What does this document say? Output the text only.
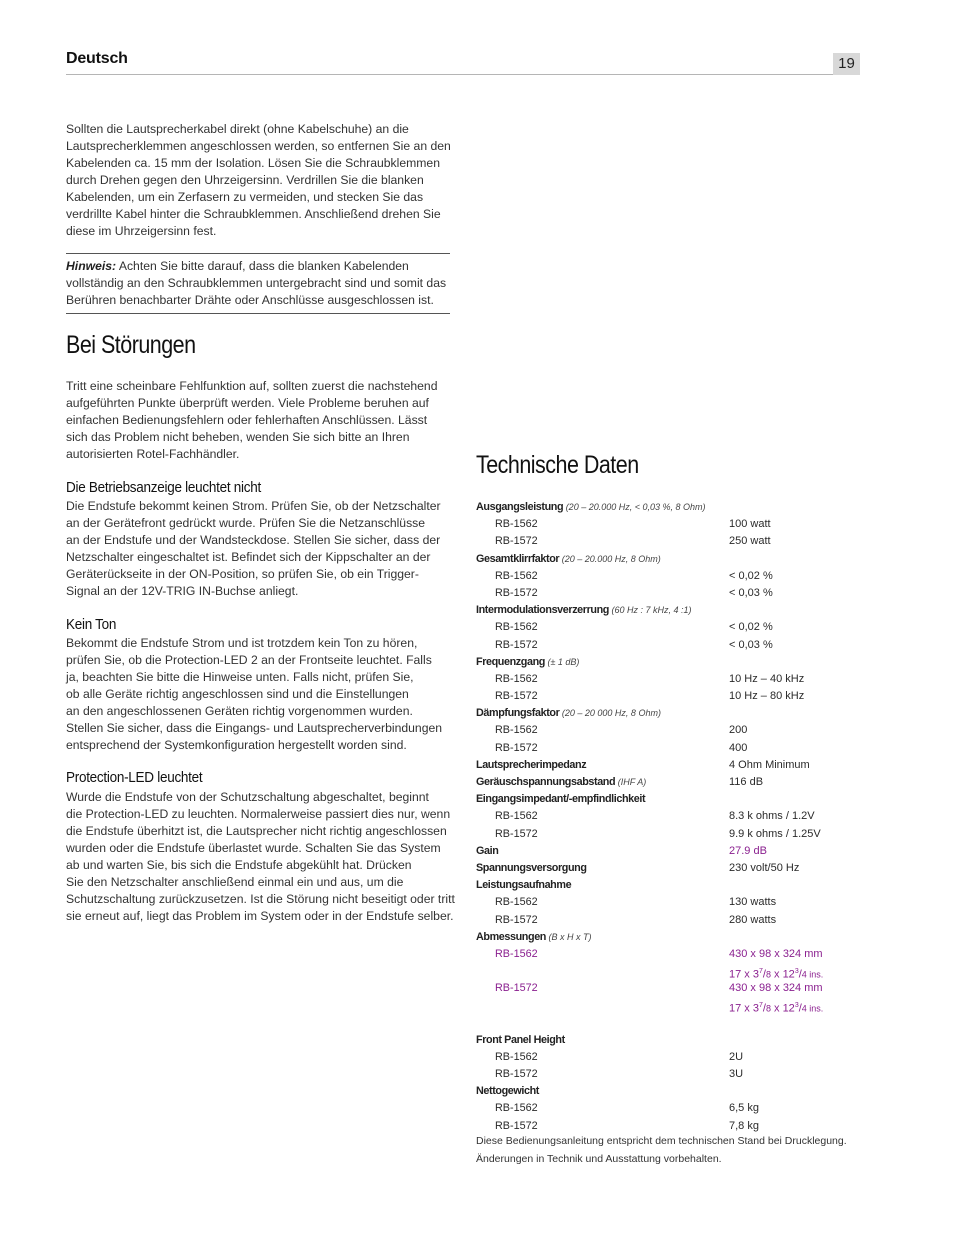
Deutsch	19

Sollten die Lautsprecherkabel direkt (ohne Kabelschuhe) an die
Lautsprecherklemmen angeschlossen werden, so entfernen Sie an den
Kabelenden ca. 15 mm der Isolation. Lösen Sie die Schraubklemmen
durch Drehen gegen den Uhrzeigersinn. Verdrillen Sie die blanken
Kabelenden, um ein Zerfasern zu vermeiden, und stecken Sie das
verdrillte Kabel hinter die Schraubklemmen. Anschließend drehen Sie
diese im Uhrzeigersinn fest.

Hinweis: Achten Sie bitte darauf, dass die blanken Kabelenden
vollständig an den Schraubklemmen untergebracht sind und somit das
Berühren benachbarter Drähte oder Anschlüsse ausgeschlossen ist.

Bei Störungen

Tritt eine scheinbare Fehlfunktion auf, sollten zuerst die nachstehend
aufgeführten Punkte überprüft werden. Viele Probleme beruhen auf
einfachen Bedienungsfehlern oder fehlerhaften Anschlüssen. Lässt
sich das Problem nicht beheben, wenden Sie sich bitte an Ihren
autorisierten Rotel-Fachhändler.

Die Betriebsanzeige leuchtet nicht

Die Endstufe bekommt keinen Strom. Prüfen Sie, ob der Netzschalter
an der Gerätefront gedrückt wurde. Prüfen Sie die Netzanschlüsse
an der Endstufe und der Wandsteckdose. Stellen Sie sicher, dass der
Netzschalter eingeschaltet ist. Befindet sich der Kippschalter an der
Geräterückseite in der ON-Position, so prüfen Sie, ob ein Trigger-
Signal an der 12V-TRIG IN-Buchse anliegt.

Kein Ton

Bekommt die Endstufe Strom und ist trotzdem kein Ton zu hören,
prüfen Sie, ob die Protection-LED 2 an der Frontseite leuchtet. Falls
ja, beachten Sie bitte die Hinweise unten. Falls nicht, prüfen Sie,
ob alle Geräte richtig angeschlossen sind und die Einstellungen
an den angeschlossenen Geräten richtig vorgenommen wurden.
Stellen Sie sicher, dass die Eingangs- und Lautsprecherverbindungen
entsprechend der Systemkonfiguration hergestellt worden sind.

Protection-LED leuchtet

Wurde die Endstufe von der Schutzschaltung abgeschaltet, beginnt
die Protection-LED zu leuchten. Normalerweise passiert dies nur, wenn
die Endstufe überhitzt ist, die Lautsprecher nicht richtig angeschlossen
wurden oder die Endstufe überlastet wurde. Schalten Sie das System
ab und warten Sie, bis sich die Endstufe abgekühlt hat. Drücken
Sie den Netzschalter anschließend einmal ein und aus, um die
Schutzschaltung zurückzusetzen. Ist die Störung nicht beseitigt oder tritt
sie erneut auf, liegt das Problem im System oder in der Endstufe selber.

Technische Daten
Ausgangsleistung (20 – 20.000 Hz, < 0,03 %, 8 Ohm)
RB-1562	100 watt
RB-1572	250 watt
Gesamtklirrfaktor (20 – 20.000 Hz, 8 Ohm)
RB-1562	< 0,02 %
RB-1572	< 0,03 %
Intermodulationsverzerrung (60 Hz : 7 kHz, 4 :1)
RB-1562	< 0,02 %
RB-1572	< 0,03 %
Frequenzgang (± 1 dB)
RB-1562	10 Hz – 40 kHz
RB-1572	10 Hz – 80 kHz
Dämpfungsfaktor (20 – 20 000 Hz, 8 Ohm)
RB-1562	200
RB-1572	400
Lautsprecherimpedanz	4 Ohm Minimum
Geräuschspannungsabstand (IHF A)	116 dB
Eingangsimpedant/-empfindlichkeit
RB-1562	8.3 k ohms / 1.2V
RB-1572	9.9 k ohms / 1.25V
Gain	27.9 dB
Spannungsversorgung	230 volt/50 Hz
Leistungsaufnahme
RB-1562	130 watts
RB-1572	280 watts
Abmessungen (B x H x T)
RB-1562	430 x 98 x 324 mm
17 x $3^7/8$ x $12^3/4$ ins.
RB-1572	430 x 98 x 324 mm
17 x $3^7/8$ x $12^3/4$ ins.
Front Panel Height
RB-1562	2U
RB-1572	3U
Nettogewicht
RB-1562	6,5 kg
RB-1572	7,8 kg
Diese Bedienungsanleitung entspricht dem technischen Stand bei Drucklegung.
Änderungen in Technik und Ausstattung vorbehalten.
